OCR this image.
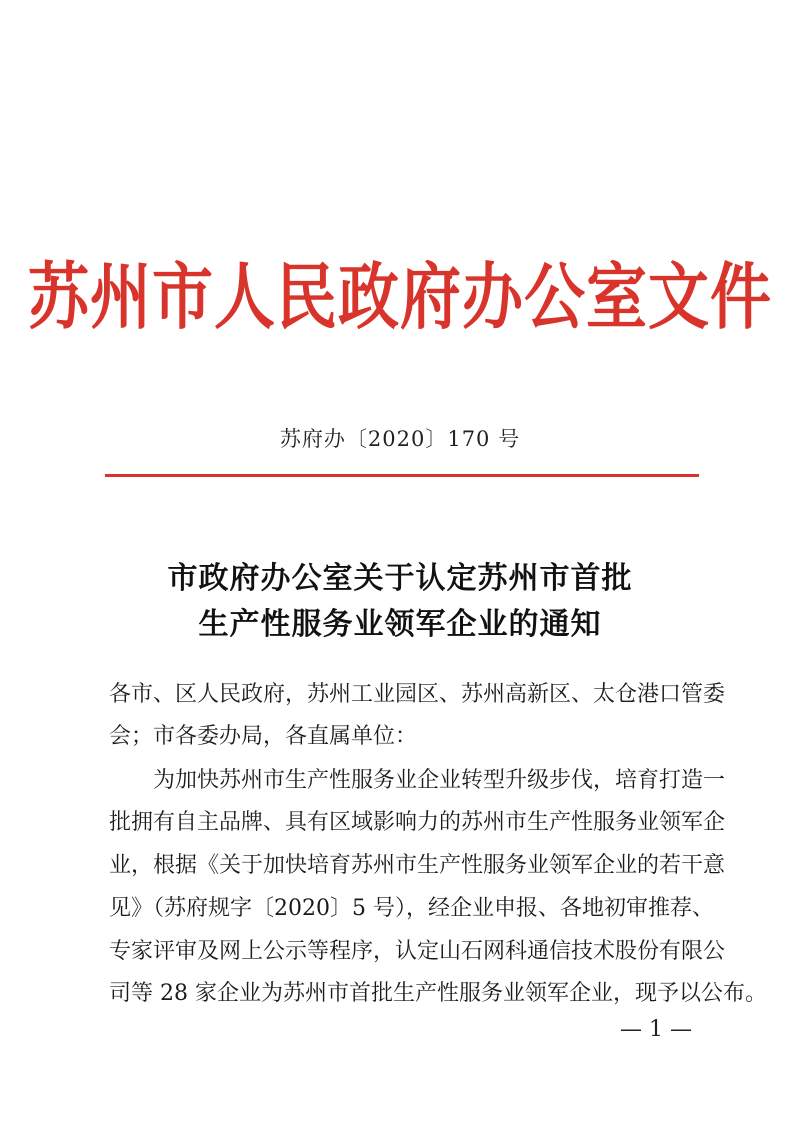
苏州市人民政府办公室文件
苏府办〔2020〕170 号
市政府办公室关于认定苏州市首批
生产性服务业领军企业的通知
各市、区人民政府，苏州工业园区、苏州高新区、太仓港口管委
会；市各委办局，各直属单位：
　　为加快苏州市生产性服务业企业转型升级步伐，培育打造一
批拥有自主品牌、具有区域影响力的苏州市生产性服务业领军企
业，根据《关于加快培育苏州市生产性服务业领军企业的若干意
见》（苏府规字〔2020〕5 号），经企业申报、各地初审推荐、
专家评审及网上公示等程序，认定山石网科通信技术股份有限公
司等 28 家企业为苏州市首批生产性服务业领军企业，现予以公布。
— 1 —
